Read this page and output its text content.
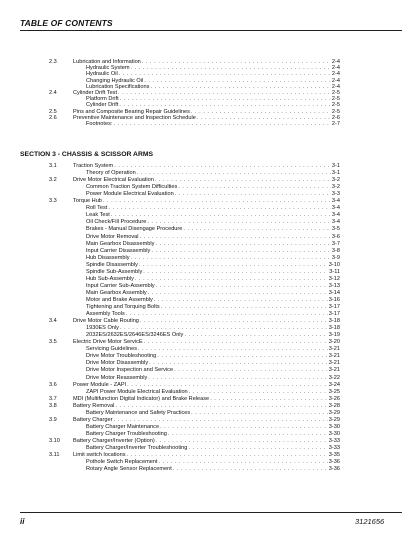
TABLE OF CONTENTS
2.3	Lubrication and Information . . .	2-4
Hydraulic System . . .	2-4
Hydraulic Oil . . .	2-4
Changing Hydraulic Oil . . .	2-4
Lubrication Specifications . . .	2-4
2.4	Cylinder Drift Test . . .	2-5
Platform Drift . . .	2-5
Cylinder Drift . . .	2-5
2.5	Pins and Composite Bearing Repair Guidelines . . .	2-5
2.6	Preventive Maintenance and Inspection Schedule . . .	2-6
Footnotes: . . .	2-7
SECTION 3 - CHASSIS & SCISSOR ARMS
3.1	Traction System . . .	3-1
Theory of Operation . . .	3-1
3.2	Drive Motor Electrical Evaluation . . .	3-2
Common Traction System Difficulties . . .	3-2
Power Module Electrical Evaluation . . .	3-3
3.3	Torque Hub . . .	3-4
Roll Test . . .	3-4
Leak Test . . .	3-4
Oil Check/Fill Procedure . . .	3-4
Brakes - Manual Disengage Procedure . . .	3-5
Drive Motor Removal . . .	3-6
Main Gearbox Disassembly . . .	3-7
Input Carrier Disassembly . . .	3-8
Hub Disassembly . . .	3-9
Spindle Disassembly . . .	3-10
Spindle Sub-Assembly . . .	3-11
Hub Sub-Assembly . . .	3-12
Input Carrier Sub-Assembly . . .	3-13
Main Gearbox Assembly . . .	3-14
Motor and Brake Assembly . . .	3-16
Tightening and Torquing Bolts . . .	3-17
Assembly Tools . . .	3-17
3.4	Drive Motor Cable Routing . . .	3-18
1930ES Only . . .	3-18
2032ES/2632ES/2646ES/3246ES Only . . .	3-19
3.5	Electric Drive Motor ServicE . . .	3-20
Servicing Guidelines . . .	3-21
Drive Motor Troubleshooting . . .	3-21
Drive Motor Disassembly . . .	3-21
Drive Motor Inspection and Service . . .	3-21
Drive Motor Reassembly . . .	3-22
3.6	Power Module - ZAPI . . .	3-24
ZAPI Power Module Electrical Evaluation . . .	3-25
3.7	MDI (Multifunction Digital Indicator) and Brake Release . . .	3-26
3.8	Battery Removal . . .	3-28
Battery Maintenance and Safety Practices . . .	3-29
3.9	Battery Charger . . .	3-29
Battery Charger Maintenance . . .	3-30
Battery Charger Troubleshooting . . .	3-30
3.10 Battery Charger/Inverter (Option) . . .	3-33
Battery Charger/Inverter Troubleshooting . . .	3-33
3.11 Limit switch locations . . .	3-35
Pothole Switch Replacement . . .	3-36
Rotary Angle Sensor Replacement . . .	3-36
ii	3121656
